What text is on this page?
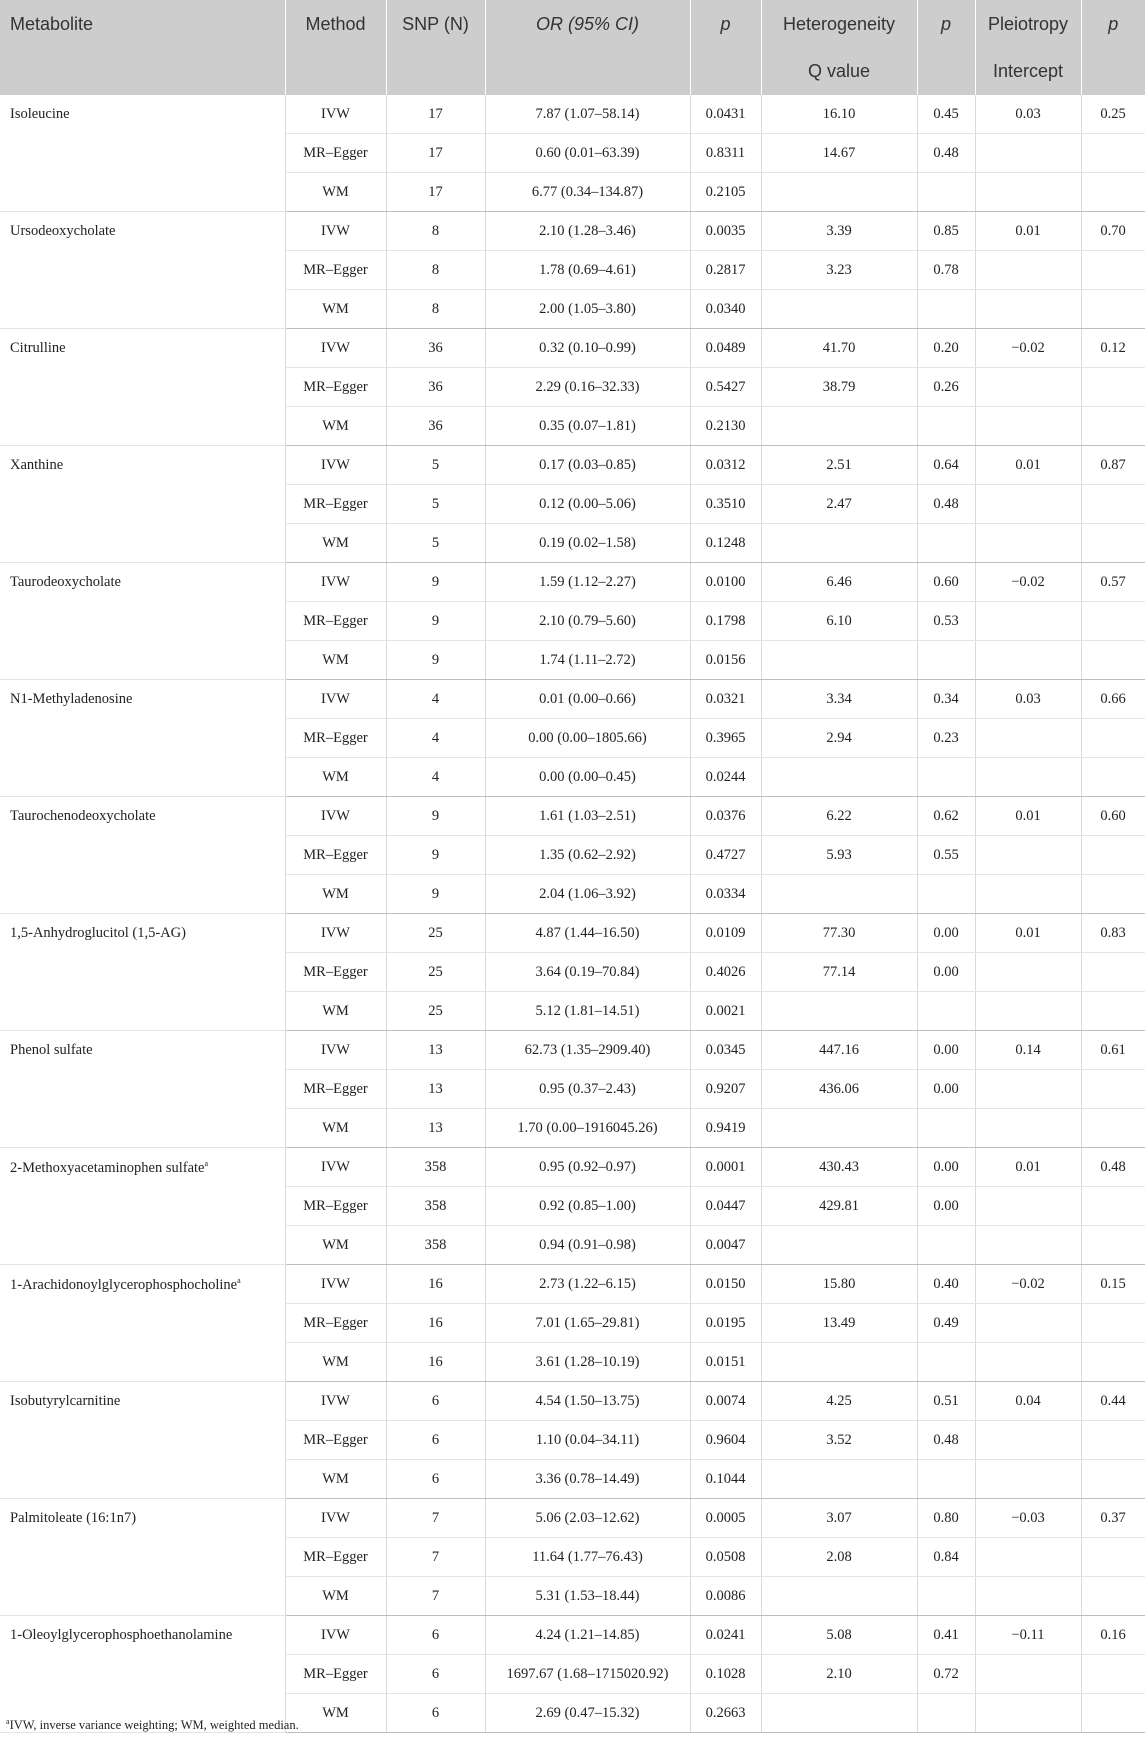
Metabolite	Method	SNP (N)	OR (95% CI)	p	Heterogeneity	p	Pleiotropy	p
					Q value		Intercept	
Isoleucine	IVW	17	7.87 (1.07–58.14)	0.0431	16.10	0.45	0.03	0.25
	MR–Egger	17	0.60 (0.01–63.39)	0.8311	14.67	0.48		
	WM	17	6.77 (0.34–134.87)	0.2105				
Ursodeoxycholate	IVW	8	2.10 (1.28–3.46)	0.0035	3.39	0.85	0.01	0.70
	MR–Egger	8	1.78 (0.69–4.61)	0.2817	3.23	0.78		
	WM	8	2.00 (1.05–3.80)	0.0340				
Citrulline	IVW	36	0.32 (0.10–0.99)	0.0489	41.70	0.20	−0.02	0.12
	MR–Egger	36	2.29 (0.16–32.33)	0.5427	38.79	0.26		
	WM	36	0.35 (0.07–1.81)	0.2130				
Xanthine	IVW	5	0.17 (0.03–0.85)	0.0312	2.51	0.64	0.01	0.87
	MR–Egger	5	0.12 (0.00–5.06)	0.3510	2.47	0.48		
	WM	5	0.19 (0.02–1.58)	0.1248				
Taurodeoxycholate	IVW	9	1.59 (1.12–2.27)	0.0100	6.46	0.60	−0.02	0.57
	MR–Egger	9	2.10 (0.79–5.60)	0.1798	6.10	0.53		
	WM	9	1.74 (1.11–2.72)	0.0156				
N1-Methyladenosine	IVW	4	0.01 (0.00–0.66)	0.0321	3.34	0.34	0.03	0.66
	MR–Egger	4	0.00 (0.00–1805.66)	0.3965	2.94	0.23		
	WM	4	0.00 (0.00–0.45)	0.0244				
Taurochenodeoxycholate	IVW	9	1.61 (1.03–2.51)	0.0376	6.22	0.62	0.01	0.60
	MR–Egger	9	1.35 (0.62–2.92)	0.4727	5.93	0.55		
	WM	9	2.04 (1.06–3.92)	0.0334				
1,5-Anhydroglucitol (1,5-AG)	IVW	25	4.87 (1.44–16.50)	0.0109	77.30	0.00	0.01	0.83
	MR–Egger	25	3.64 (0.19–70.84)	0.4026	77.14	0.00		
	WM	25	5.12 (1.81–14.51)	0.0021				
Phenol sulfate	IVW	13	62.73 (1.35–2909.40)	0.0345	447.16	0.00	0.14	0.61
	MR–Egger	13	0.95 (0.37–2.43)	0.9207	436.06	0.00		
	WM	13	1.70 (0.00–1916045.26)	0.9419				
2-Methoxyacetaminophen sulfate$^a$	IVW	358	0.95 (0.92–0.97)	0.0001	430.43	0.00	0.01	0.48
	MR–Egger	358	0.92 (0.85–1.00)	0.0447	429.81	0.00		
	WM	358	0.94 (0.91–0.98)	0.0047				
1-Arachidonoylglycerophosphocholine$^a$	IVW	16	2.73 (1.22–6.15)	0.0150	15.80	0.40	−0.02	0.15
	MR–Egger	16	7.01 (1.65–29.81)	0.0195	13.49	0.49		
	WM	16	3.61 (1.28–10.19)	0.0151				
Isobutyrylcarnitine	IVW	6	4.54 (1.50–13.75)	0.0074	4.25	0.51	0.04	0.44
	MR–Egger	6	1.10 (0.04–34.11)	0.9604	3.52	0.48		
	WM	6	3.36 (0.78–14.49)	0.1044				
Palmitoleate (16:1n7)	IVW	7	5.06 (2.03–12.62)	0.0005	3.07	0.80	−0.03	0.37
	MR–Egger	7	11.64 (1.77–76.43)	0.0508	2.08	0.84		
	WM	7	5.31 (1.53–18.44)	0.0086				
1-Oleoylglycerophosphoethanolamine	IVW	6	4.24 (1.21–14.85)	0.0241	5.08	0.41	−0.11	0.16
	MR–Egger	6	1697.67 (1.68–1715020.92)	0.1028	2.10	0.72		
	WM	6	2.69 (0.47–15.32)	0.2663				
$^a$IVW, inverse variance weighting; WM, weighted median.
